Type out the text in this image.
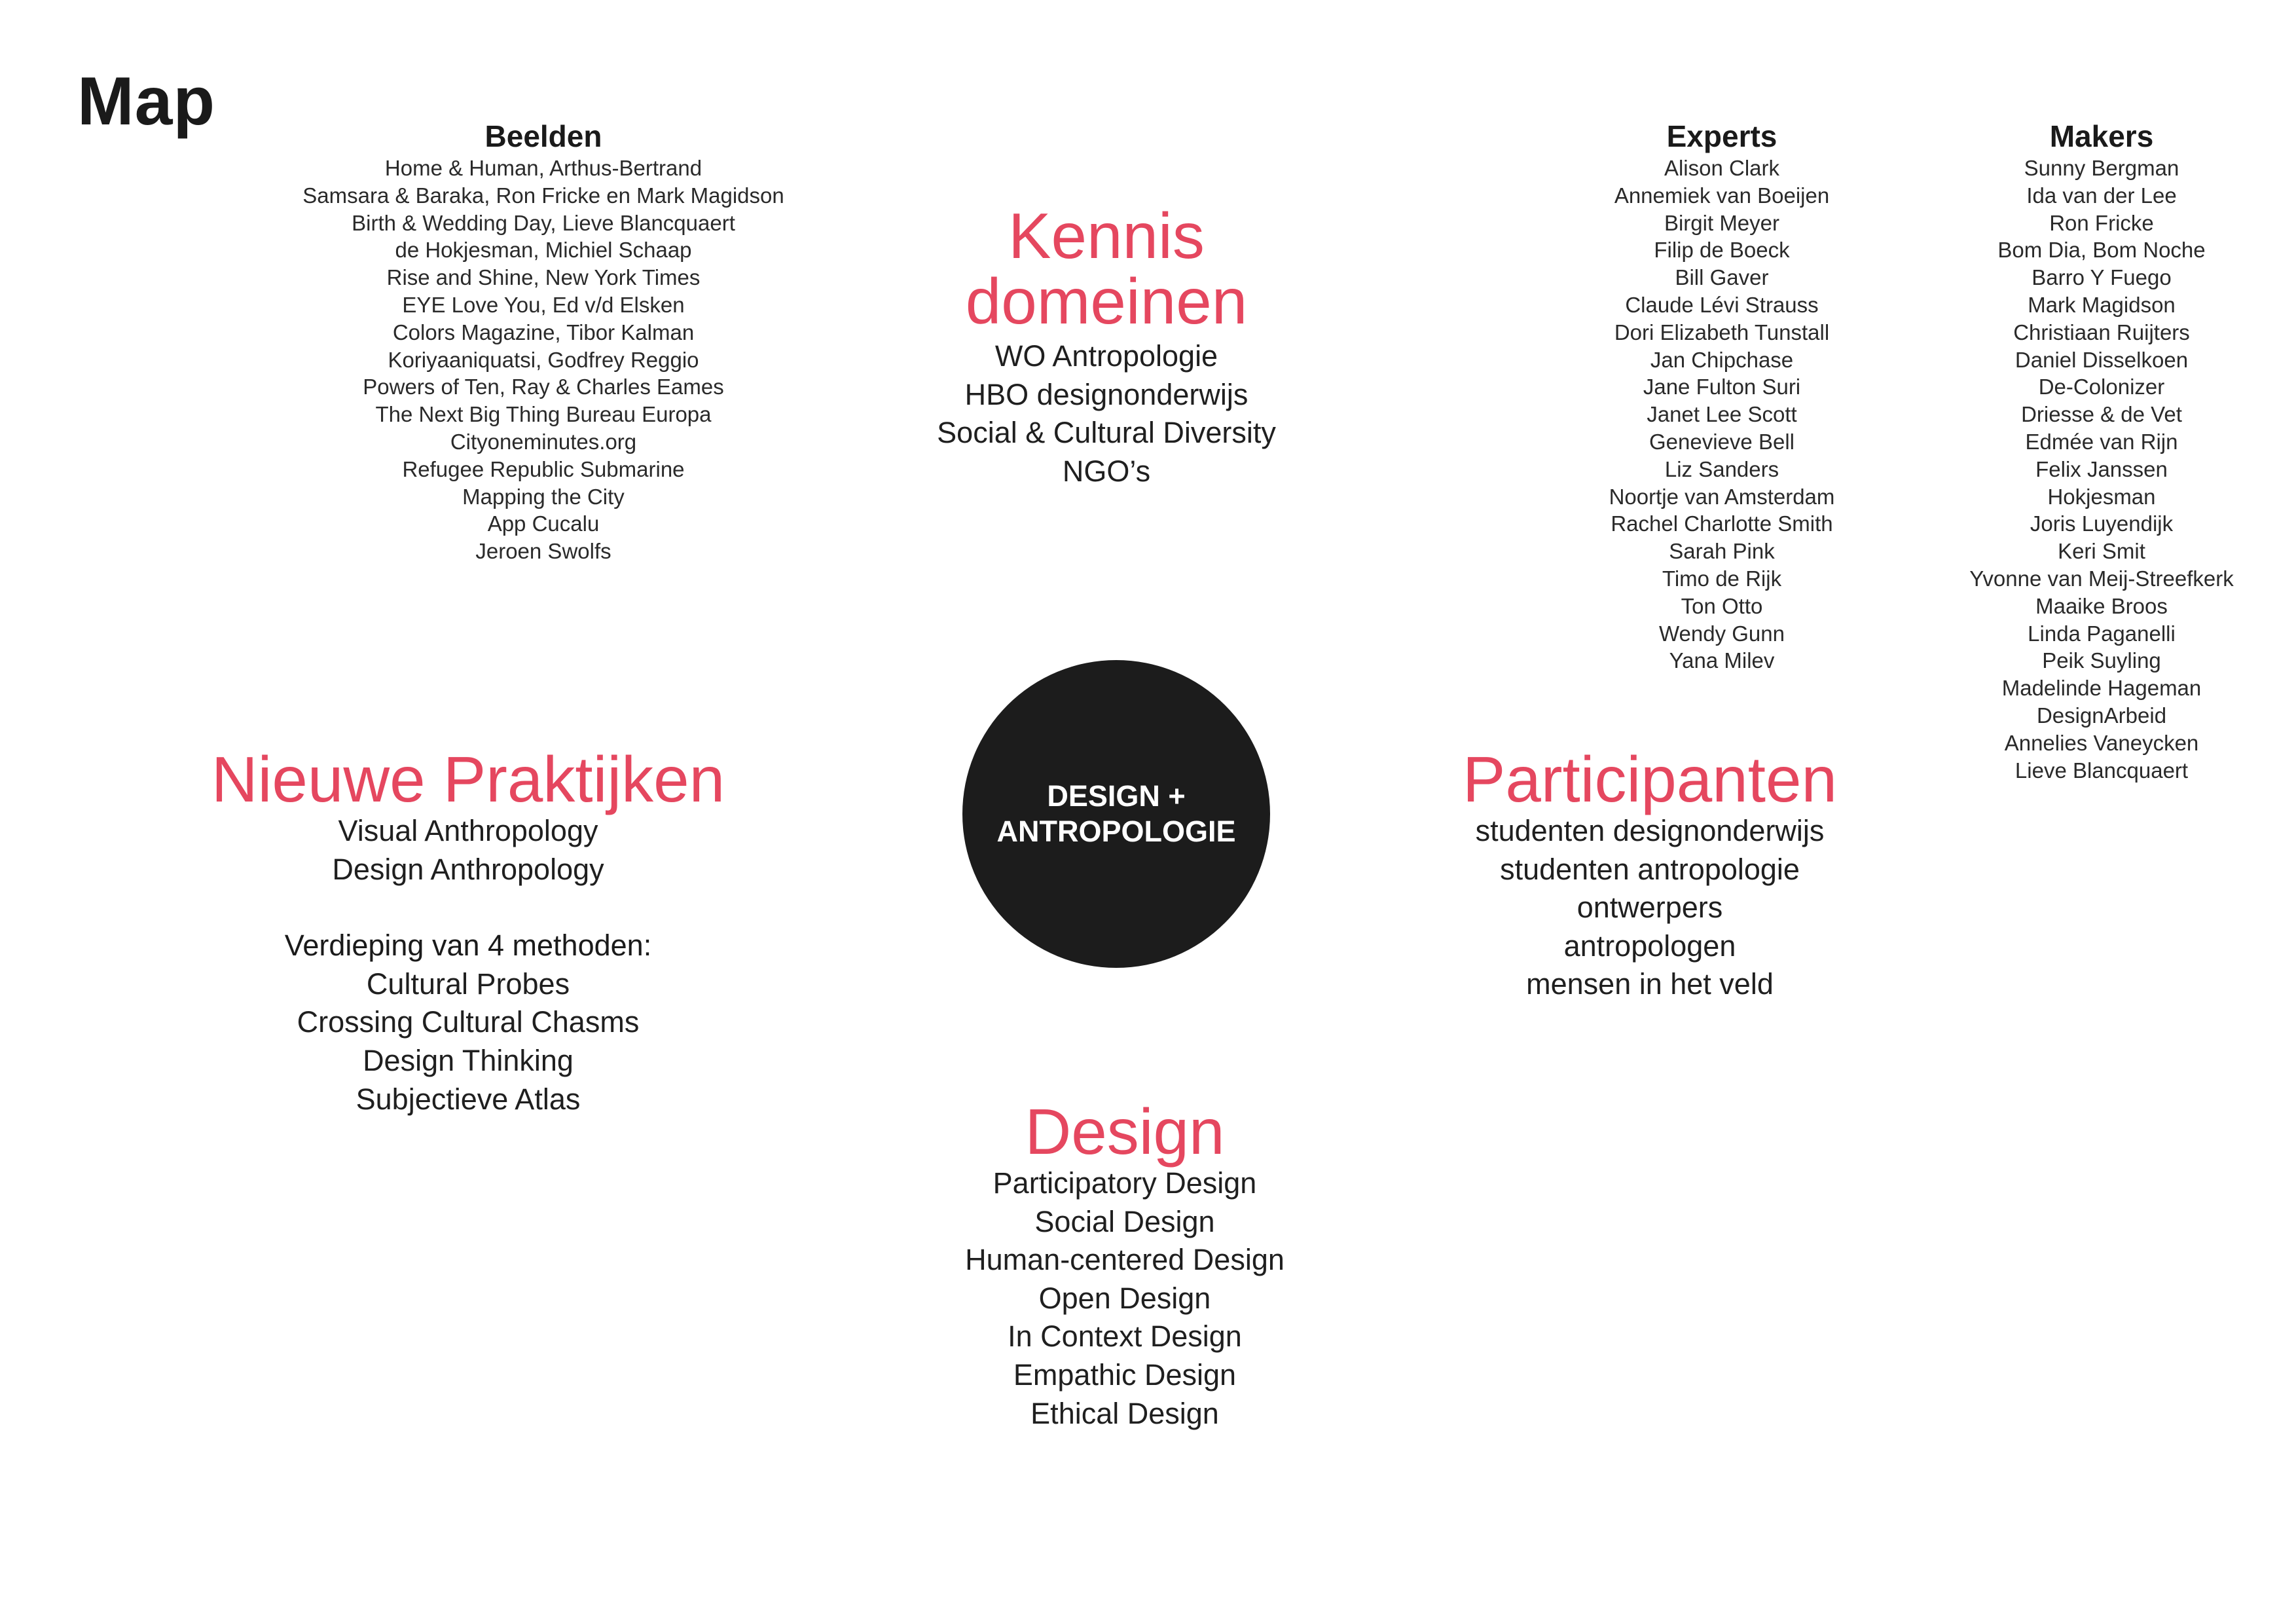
Map	Beelden
Home & Human, Arthus-Bertrand
Samsara & Baraka, Ron Fricke en Mark Magidson
Birth & Wedding Day, Lieve Blancquaert
de Hokjesman, Michiel Schaap
Rise and Shine, New York Times
EYE Love You, Ed v/d Elsken
Colors Magazine, Tibor Kalman
Koriyaaniquatsi, Godfrey Reggio
Powers of Ten, Ray & Charles Eames
The Next Big Thing Bureau Europa
Cityoneminutes.org
Refugee Republic Submarine
Mapping the City
App Cucalu
Jeroen Swolfs
Kennis
domeinen
WO Antropologie
HBO designonderwijs
Social & Cultural Diversity
NGO’s
Experts
Alison Clark
Annemiek van Boeijen
Birgit Meyer
Filip de Boeck
Bill Gaver
Claude Lévi Strauss
Dori Elizabeth Tunstall
Jan Chipchase
Jane Fulton Suri
Janet Lee Scott
Genevieve Bell
Liz Sanders
Noortje van Amsterdam
Rachel Charlotte Smith
Sarah Pink
Timo de Rijk
Ton Otto
Wendy Gunn
Yana Milev
Makers
Sunny Bergman
Ida van der Lee
Ron Fricke
Bom Dia, Bom Noche
Barro Y Fuego
Mark Magidson
Christiaan Ruijters
Daniel Disselkoen
De-Colonizer
Driesse & de Vet
Edmée van Rijn
Felix Janssen
Hokjesman
Joris Luyendijk
Keri Smit
Yvonne van Meij-Streefkerk
Maaike Broos
Linda Paganelli
Peik Suyling
Madelinde Hageman
DesignArbeid
Annelies Vaneycken
Lieve Blancquaert
DESIGN +
ANTROPOLOGIE
Nieuwe Praktijken
Visual Anthropology
Design Anthropology
Verdieping van 4 methoden:
Cultural Probes
Crossing Cultural Chasms
Design Thinking
Subjectieve Atlas
Participanten
studenten designonderwijs
studenten antropologie
ontwerpers
antropologen
mensen in het veld
Design
Participatory Design
Social Design
Human-centered Design
Open Design
In Context Design
Empathic Design
Ethical Design
